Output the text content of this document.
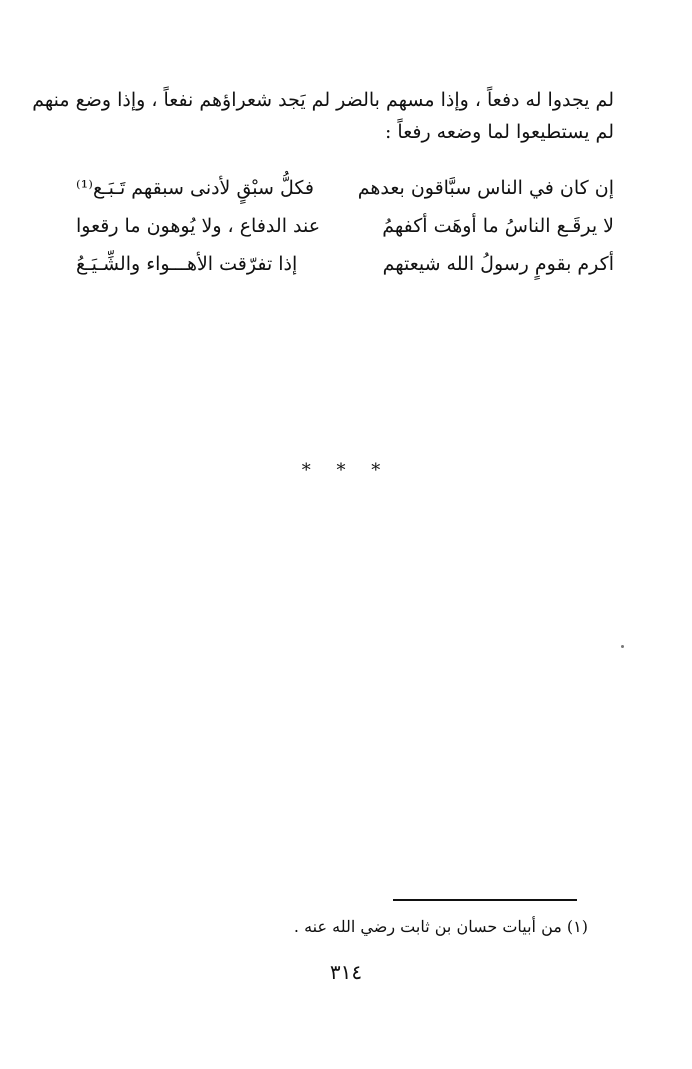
لم يجدوا له دفعاً ، وإذا مسهم بالضر لم يَجد شعراؤهم نفعاً ، وإذا وضع منهم
لم يستطيعوا لما وضعه رفعاً :
إن كان في الناس سبَّاقون بعدهم
فكلُّ سبْقٍ لأدنى سبقهم تَـبَـع⁽¹⁾
لا يرقَـع الناسُ ما أوهَت أكفهمُ
عند الدفاع ، ولا يُوهون ما رقعوا
أكرم بقومٍ رسولُ الله شيعتهم
إذا تفرّقت الأهـــواء والشِّـيَـعُ
* * *
(١) من أبيات حسان بن ثابت رضي الله عنه .
٣١٤
